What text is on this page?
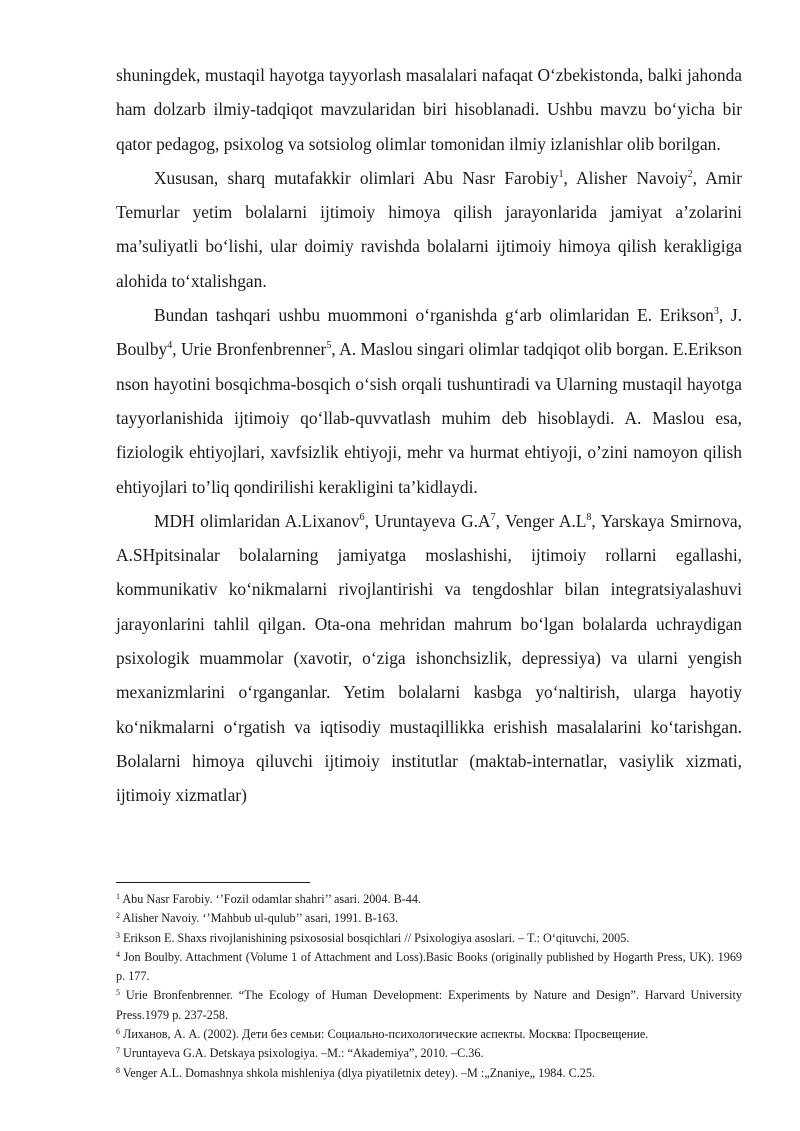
shuningdek, mustaqil hayotga tayyorlash masalalari nafaqat O‘zbekistonda, balki jahonda ham dolzarb ilmiy-tadqiqot mavzularidan biri hisoblanadi. Ushbu mavzu bo‘yicha bir qator pedagog, psixolog va sotsiolog olimlar tomonidan ilmiy izlanishlar olib borilgan.

Xususan, sharq mutafakkir olimlari Abu Nasr Farobiy$^1$, Alisher Navoiy$^2$, Amir Temurlar yetim bolalarni ijtimoiy himoya qilish jarayonlarida jamiyat a’zolarini ma’suliyatli bo‘lishi, ular doimiy ravishda bolalarni ijtimoiy himoya qilish kerakligiga alohida to‘xtalishgan.

Bundan tashqari ushbu muommoni o‘rganishda g‘arb olimlaridan E. Erikson$^3$, J. Boulby$^4$, Urie Bronfenbrenner$^5$, A. Maslou singari olimlar tadqiqot olib borgan. E.Erikson nson hayotini bosqichma-bosqich o‘sish orqali tushuntiradi va Ularning mustaqil hayotga tayyorlanishida ijtimoiy qo‘llab-quvvatlash muhim deb hisoblaydi. A. Maslou esa, fiziologik ehtiyojlari, xavfsizlik ehtiyoji, mehr va hurmat ehtiyoji, o’zini namoyon qilish ehtiyojlari to’liq qondirilishi kerakligini ta’kidlaydi.

MDH olimlaridan A.Lixanov$^6$, Uruntayeva $G.A^7$, Venger $A.L^8$, Yarskaya Smirnova, A.SHpitsinalar bolalarning jamiyatga moslashishi, ijtimoiy rollarni egallashi, kommunikativ ko‘nikmalarni rivojlantirishi va tengdoshlar bilan integratsiyalashuvi jarayonlarini tahlil qilgan. Ota-ona mehridan mahrum bo‘lgan bolalarda uchraydigan psixologik muammolar (xavotir, o‘ziga ishonchsizlik, depressiya) va ularni yengish mexanizmlarini o‘rganganlar. Yetim bolalarni kasbga yo‘naltirish, ularga hayotiy ko‘nikmalarni o‘rgatish va iqtisodiy mustaqillikka erishish masalalarini ko‘tarishgan. Bolalarni himoya qiluvchi ijtimoiy institutlar (maktab-internatlar, vasiylik xizmati, ijtimoiy xizmatlar)

$^1$ Abu Nasr Farobiy. ‘’Fozil odamlar shahri’’ asari. 2004. B-44.

$^2$ Alisher Navoiy. ‘’Mahbub ul-qulub’’ asari, 1991. B-163.

$^3$ Erikson E. Shaxs rivojlanishining psixososial bosqichlari // Psixologiya asoslari. – T.: O‘qituvchi, 2005.

$^4$ Jon Boulby. Attachment (Volume 1 of Attachment and Loss).Basic Books (originally published by Hogarth Press, UK). 1969 p. 177.

$^5$ Urie Bronfenbrenner. “The Ecology of Human Development: Experiments by Nature and Design”. Harvard University Press.1979 p. 237-258.

$^6$ Лиханов, А. А. (2002). Дети без семьи: Социально-психологические аспекты. Москва: Просвещение.

$^7$ Uruntayeva G.A. Detskaya psixologiya. –M.: “Akademiya”, 2010. –C.36.

$^8$ Venger A.L. Domashnya shkola mishleniya (dlya piyatiletnix detey). –M :„Znaniye„ 1984. C.25.
